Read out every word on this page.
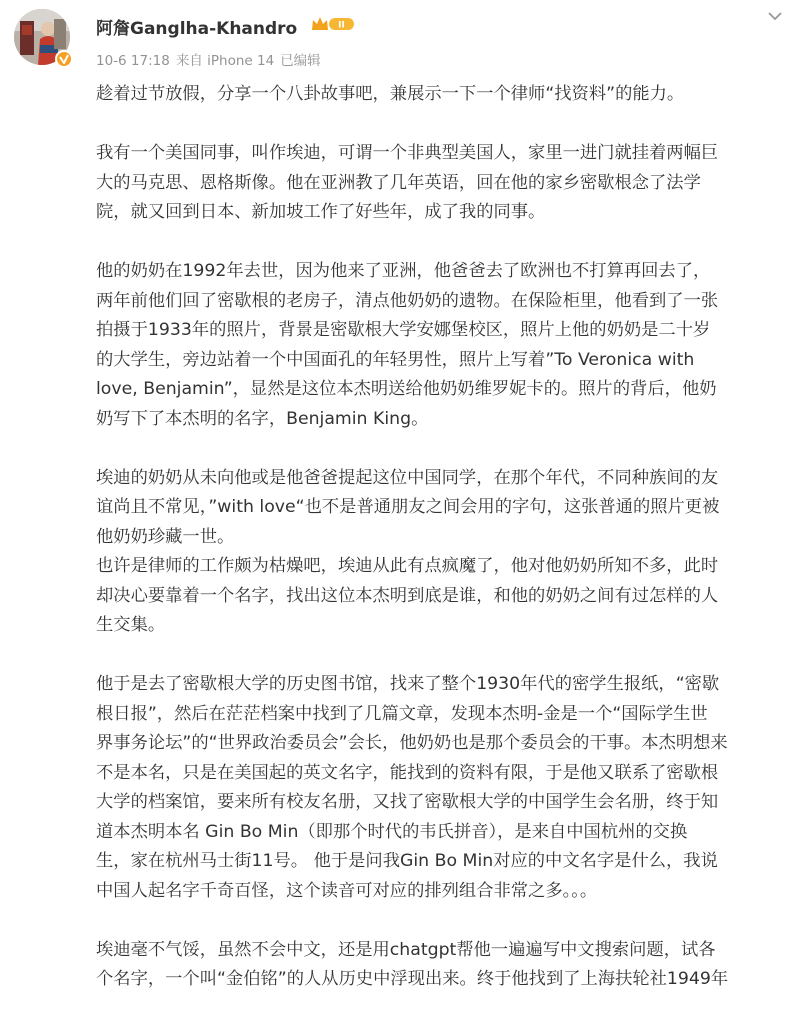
阿詹Ganglha-Khandro	II
10-6 17:18 来自 iPhone 14 已编辑

趁着过节放假，分享一个八卦故事吧，兼展示一下一个律师“找资料”的能力。

我有一个美国同事，叫作埃迪，可谓一个非典型美国人，家里一进门就挂着两幅巨
大的马克思、恩格斯像。他在亚洲教了几年英语，回在他的家乡密歇根念了法学
院，就又回到日本、新加坡工作了好些年，成了我的同事。

他的奶奶在1992年去世，因为他来了亚洲，他爸爸去了欧洲也不打算再回去了，
两年前他们回了密歇根的老房子，清点他奶奶的遗物。在保险柜里，他看到了一张
拍摄于1933年的照片，背景是密歇根大学安娜堡校区，照片上他的奶奶是二十岁
的大学生，旁边站着一个中国面孔的年轻男性，照片上写着”To Veronica with
love, Benjamin”，显然是这位本杰明送给他奶奶维罗妮卡的。照片的背后，他奶
奶写下了本杰明的名字，Benjamin King。

埃迪的奶奶从未向他或是他爸爸提起这位中国同学，在那个年代，不同种族间的友
谊尚且不常见，”with love“也不是普通朋友之间会用的字句，这张普通的照片更被
他奶奶珍藏一世。
也许是律师的工作颇为枯燥吧，埃迪从此有点疯魔了，他对他奶奶所知不多，此时
却决心要靠着一个名字，找出这位本杰明到底是谁，和他的奶奶之间有过怎样的人
生交集。

他于是去了密歇根大学的历史图书馆，找来了整个1930年代的密学生报纸，“密歇
根日报”，然后在茫茫档案中找到了几篇文章，发现本杰明-金是一个“国际学生世
界事务论坛”的“世界政治委员会”会长，他奶奶也是那个委员会的干事。本杰明想来
不是本名，只是在美国起的英文名字，能找到的资料有限，于是他又联系了密歇根
大学的档案馆，要来所有校友名册，又找了密歇根大学的中国学生会名册，终于知
道本杰明本名 Gin Bo Min（即那个时代的韦氏拼音），是来自中国杭州的交换
生，家在杭州马士街11号。 他于是问我Gin Bo Min对应的中文名字是什么，我说
中国人起名字千奇百怪，这个读音可对应的排列组合非常之多。。。

埃迪毫不气馁，虽然不会中文，还是用chatgpt帮他一遍遍写中文搜索问题，试各
个名字，一个叫“金伯铭”的人从历史中浮现出来。终于他找到了上海扶轮社1949年
